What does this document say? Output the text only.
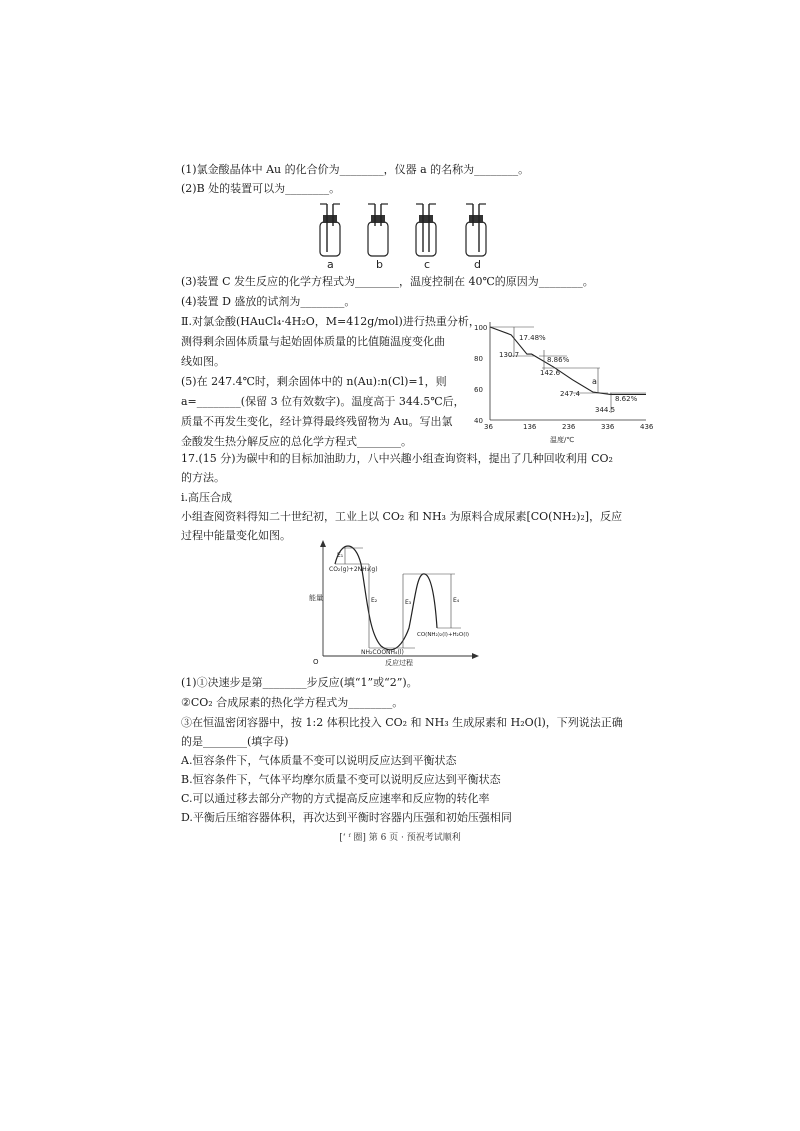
(1)氯金酸晶体中 Au 的化合价为________，仪器 a 的名称为________。
(2)B 处的装置可以为________。
a	b	c	d
(3)装置 C 发生反应的化学方程式为________，温度控制在 40℃的原因为________。
(4)装置 D 盛放的试剂为________。
Ⅱ.对氯金酸(HAuCl₄·4H₂O，M=412g/mol)进行热重分析，
测得剩余固体质量与起始固体质量的比值随温度变化曲
线如图。
(5)在 247.4℃时，剩余固体中的 n(Au):n(Cl)=1，则
a=________(保留 3 位有效数字)。温度高于 344.5℃后，
质量不再发生变化，经计算得最终残留物为 Au。写出氯
金酸发生热分解反应的总化学方程式________。
36	136	236	336	436
100
80
60
40
17.48%
130.7
8.86%
142.6
a
247.4
8.62%
344.5
温度/℃
17.(15 分)为碳中和的目标加油助力，八中兴趣小组查询资料，提出了几种回收利用 CO₂
的方法。
ⅰ.高压合成
小组查阅资料得知二十世纪初，工业上以 CO₂ 和 NH₃ 为原料合成尿素[CO(NH₂)₂]，反应
过程中能量变化如图。
O
能量
反应过程
E₁
E₂	E₃	E₄
CO₂(g)+2NH₃(g)
NH₂COONH₄(l)
CO(NH₂)₂(l)+H₂O(l)
(1)①决速步是第________步反应(填“1”或“2”)。
②CO₂ 合成尿素的热化学方程式为________。
③在恒温密闭容器中，按 1:2 体积比投入 CO₂ 和 NH₃ 生成尿素和 H₂O(l)，下列说法正确
的是________(填字母)
A.恒容条件下，气体质量不变可以说明反应达到平衡状态
B.恒容条件下，气体平均摩尔质量不变可以说明反应达到平衡状态
C.可以通过移去部分产物的方式提高反应速率和反应物的转化率
D.平衡后压缩容器体积，再次达到平衡时容器内压强和初始压强相同
[ʻ ᶠ 圈] 第 6 页 · 预祝考试顺利
